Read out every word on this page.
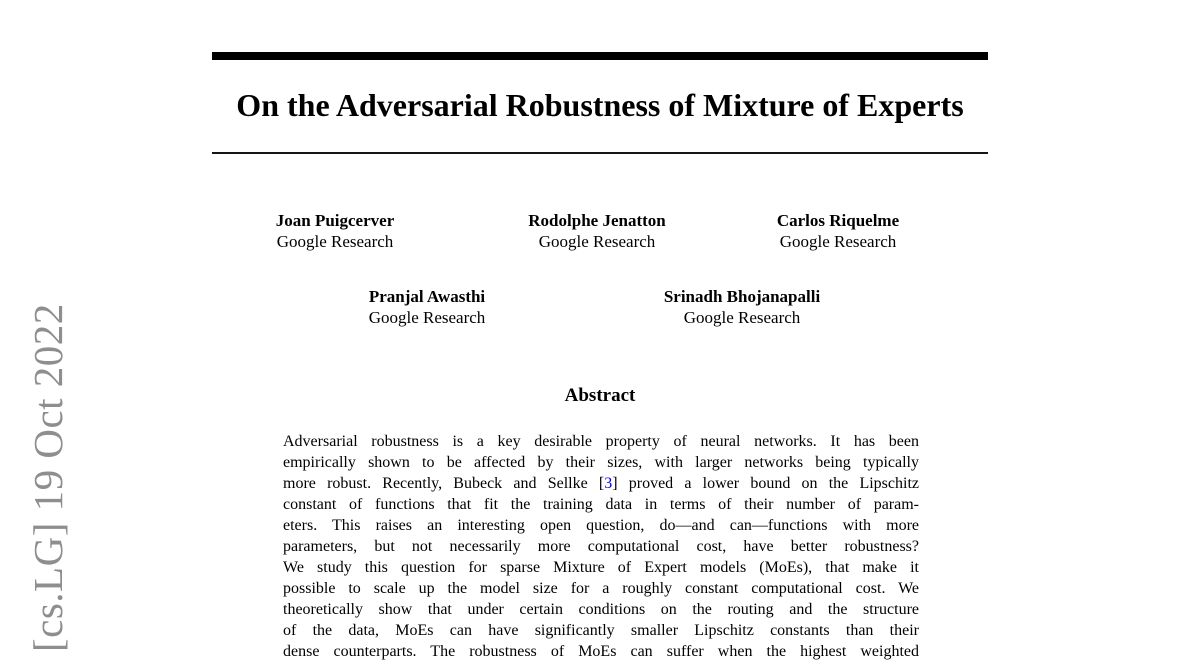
[cs.LG] 19 Oct 2022
On the Adversarial Robustness of Mixture of Experts
Joan Puigcerver
Google Research
Rodolphe Jenatton
Google Research
Carlos Riquelme
Google Research
Pranjal Awasthi
Google Research
Srinadh Bhojanapalli
Google Research
Abstract
Adversarial robustness is a key desirable property of neural networks. It has been
empirically shown to be affected by their sizes, with larger networks being typically
more robust. Recently, Bubeck and Sellke [3] proved a lower bound on the Lipschitz
constant of functions that fit the training data in terms of their number of param-
eters. This raises an interesting open question, do—and can—functions with more
parameters, but not necessarily more computational cost, have better robustness?
We study this question for sparse Mixture of Expert models (MoEs), that make it
possible to scale up the model size for a roughly constant computational cost. We
theoretically show that under certain conditions on the routing and the structure
of the data, MoEs can have significantly smaller Lipschitz constants than their
dense counterparts. The robustness of MoEs can suffer when the highest weighted
